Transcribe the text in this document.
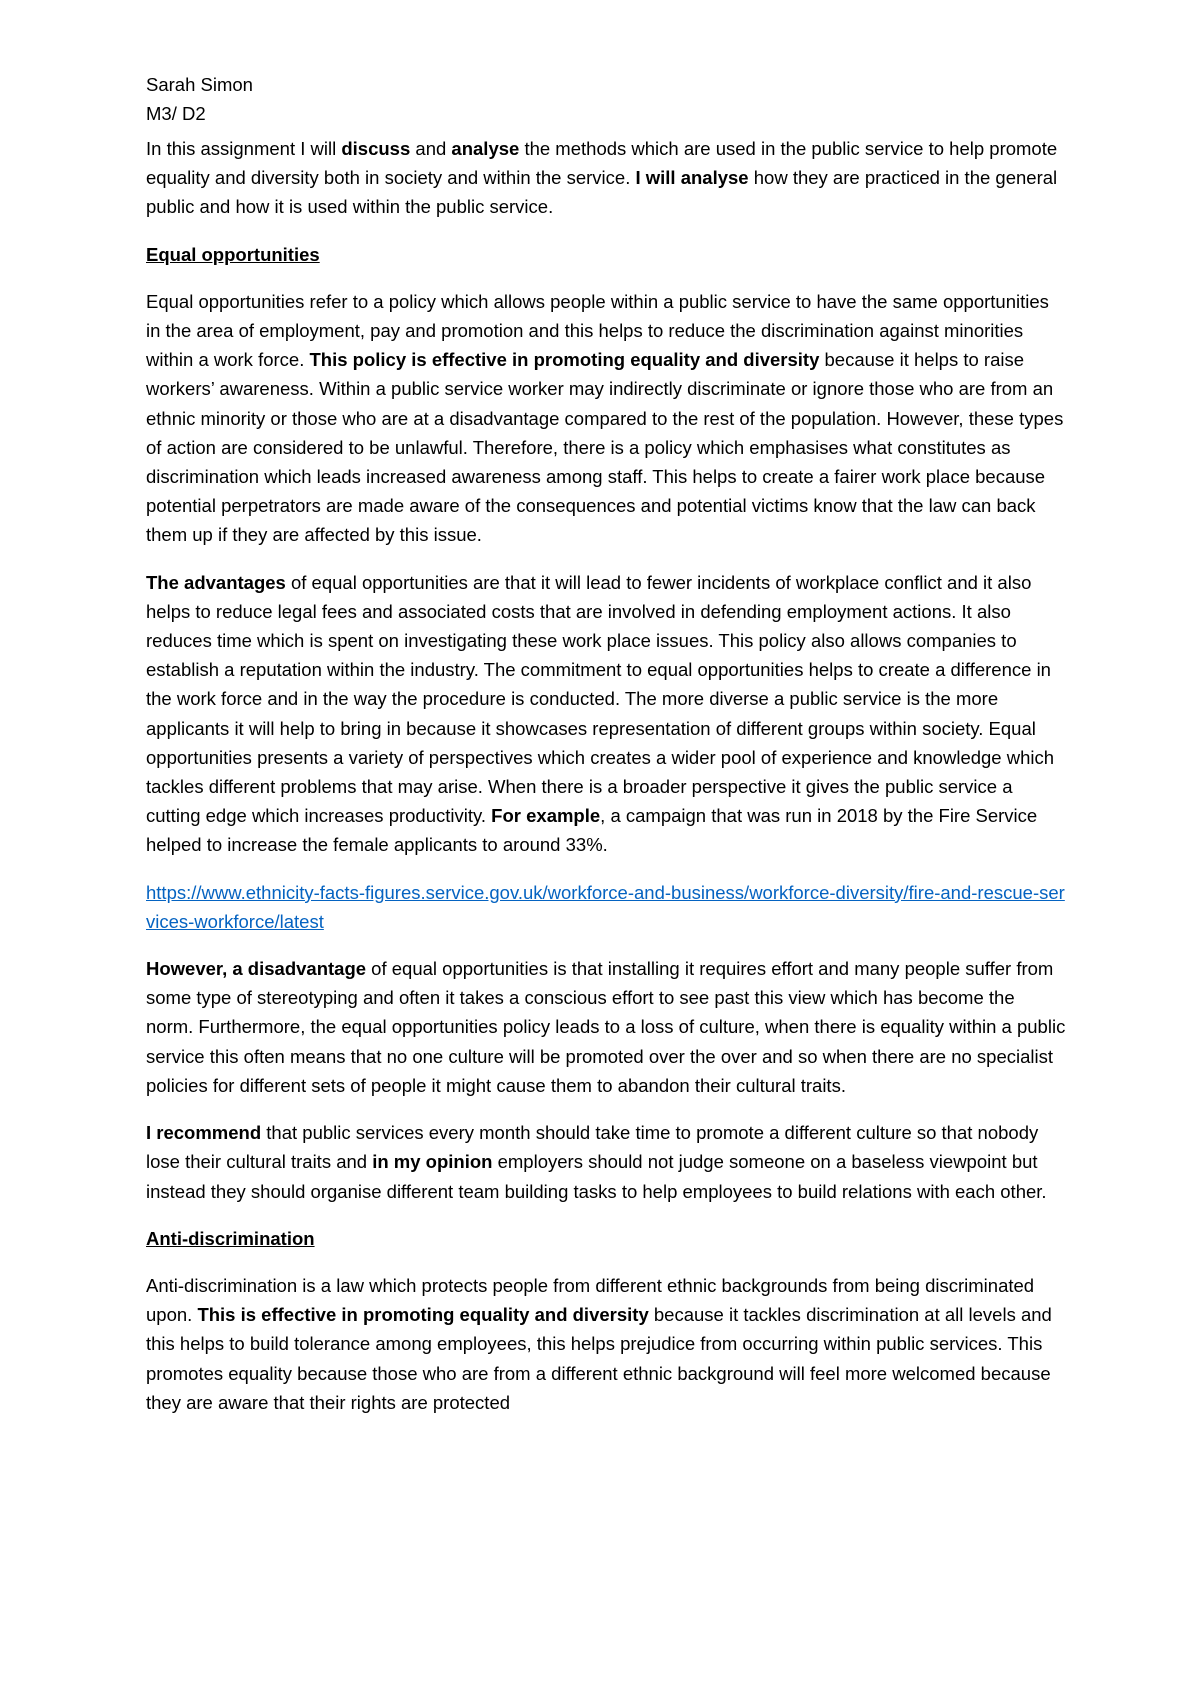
Sarah Simon
M3/ D2

In this assignment I will discuss and analyse the methods which are used in the public service to help promote equality and diversity both in society and within the service. I will analyse how they are practiced in the general public and how it is used within the public service.

Equal opportunities

Equal opportunities refer to a policy which allows people within a public service to have the same opportunities in the area of employment, pay and promotion and this helps to reduce the discrimination against minorities within a work force. This policy is effective in promoting equality and diversity because it helps to raise workers’ awareness. Within a public service worker may indirectly discriminate or ignore those who are from an ethnic minority or those who are at a disadvantage compared to the rest of the population. However, these types of action are considered to be unlawful. Therefore, there is a policy which emphasises what constitutes as discrimination which leads increased awareness among staff. This helps to create a fairer work place because potential perpetrators are made aware of the consequences and potential victims know that the law can back them up if they are affected by this issue.

The advantages of equal opportunities are that it will lead to fewer incidents of workplace conflict and it also helps to reduce legal fees and associated costs that are involved in defending employment actions. It also reduces time which is spent on investigating these work place issues. This policy also allows companies to establish a reputation within the industry. The commitment to equal opportunities helps to create a difference in the work force and in the way the procedure is conducted. The more diverse a public service is the more applicants it will help to bring in because it showcases representation of different groups within society. Equal opportunities presents a variety of perspectives which creates a wider pool of experience and knowledge which tackles different problems that may arise. When there is a broader perspective it gives the public service a cutting edge which increases productivity. For example, a campaign that was run in 2018 by the Fire Service helped to increase the female applicants to around 33%.

https://www.ethnicity-facts-figures.service.gov.uk/workforce-and-business/workforce-diversity/fire-and-rescue-services-workforce/latest

However, a disadvantage of equal opportunities is that installing it requires effort and many people suffer from some type of stereotyping and often it takes a conscious effort to see past this view which has become the norm. Furthermore, the equal opportunities policy leads to a loss of culture, when there is equality within a public service this often means that no one culture will be promoted over the over and so when there are no specialist policies for different sets of people it might cause them to abandon their cultural traits.

I recommend that public services every month should take time to promote a different culture so that nobody lose their cultural traits and in my opinion employers should not judge someone on a baseless viewpoint but instead they should organise different team building tasks to help employees to build relations with each other.

Anti-discrimination

Anti-discrimination is a law which protects people from different ethnic backgrounds from being discriminated upon. This is effective in promoting equality and diversity because it tackles discrimination at all levels and this helps to build tolerance among employees, this helps prejudice from occurring within public services. This promotes equality because those who are from a different ethnic background will feel more welcomed because they are aware that their rights are protected
